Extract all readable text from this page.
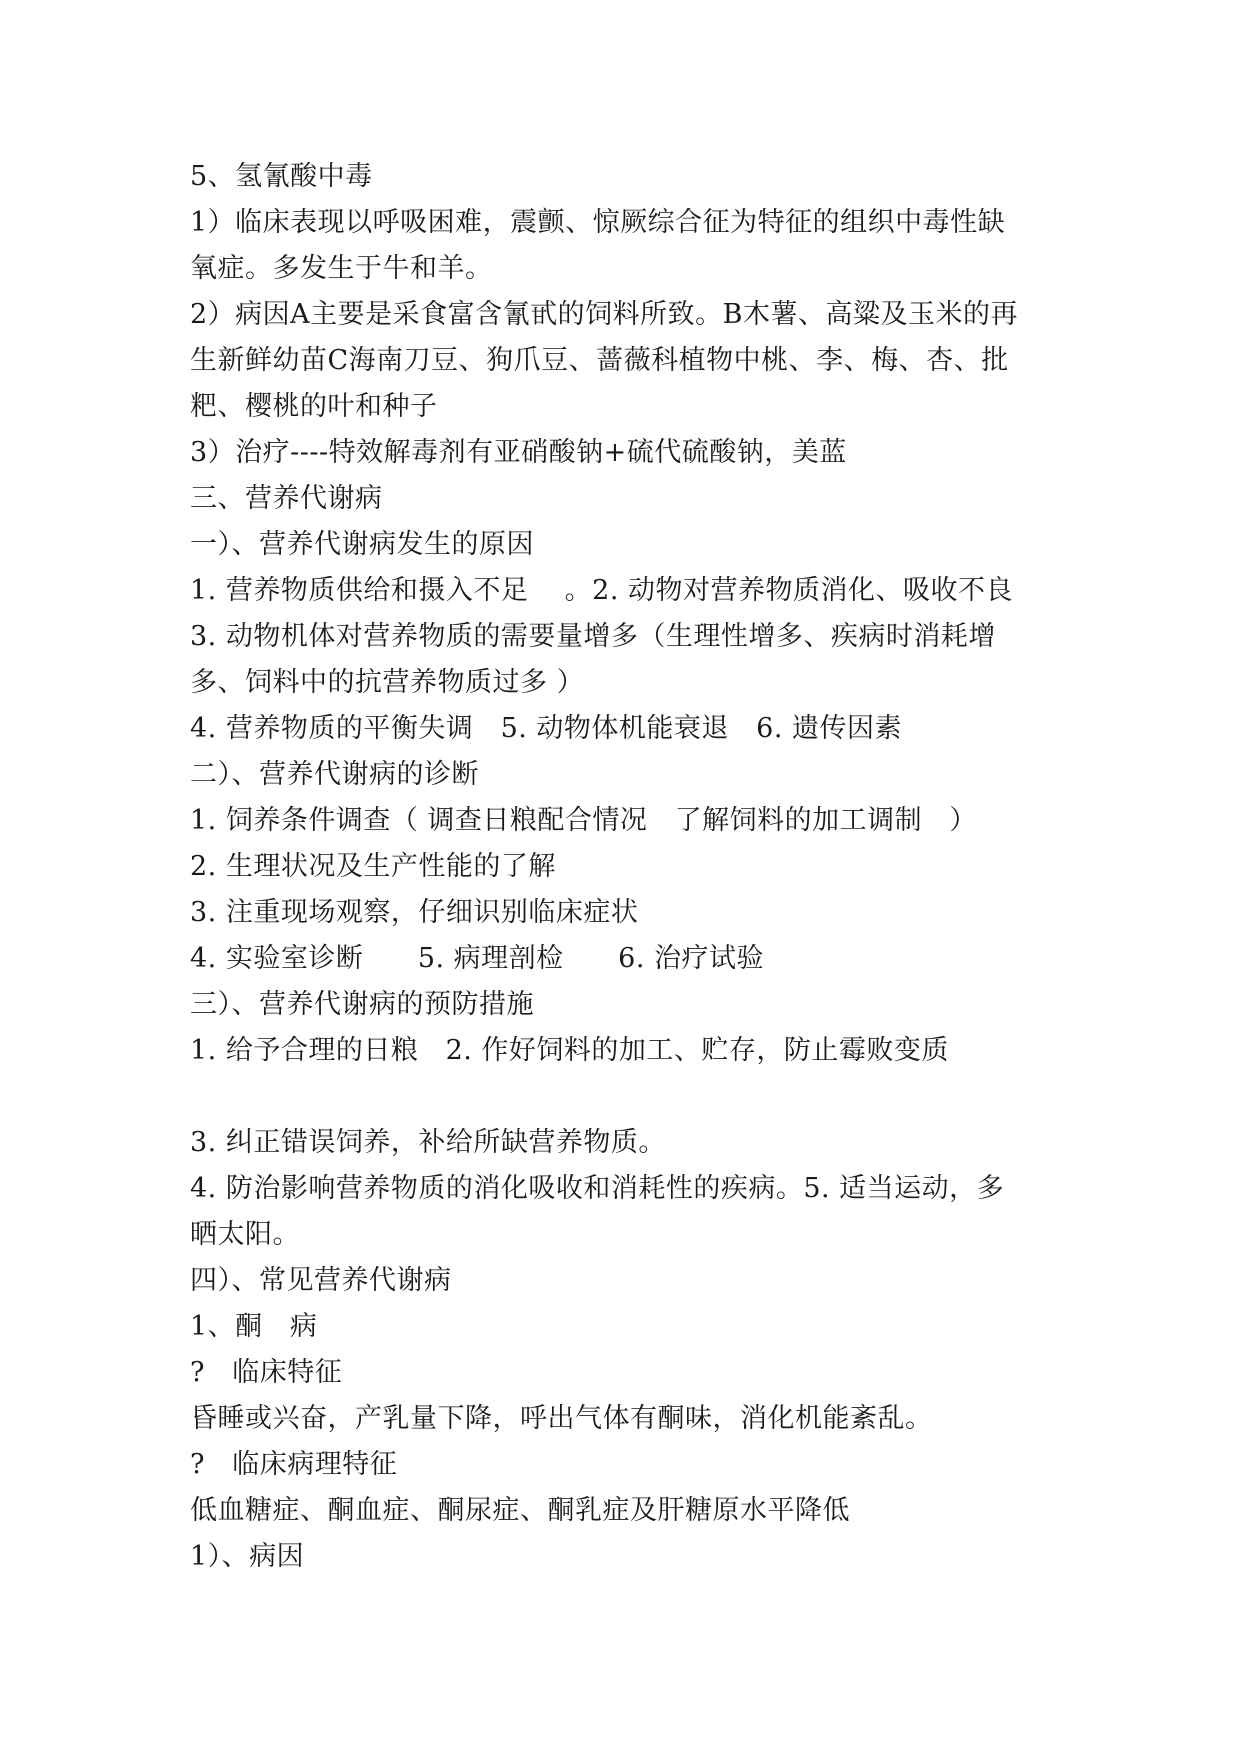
5、氢氰酸中毒
1）临床表现以呼吸困难，震颤、惊厥综合征为特征的组织中毒性缺
氧症。多发生于牛和羊。
2）病因A主要是采食富含氰甙的饲料所致。B木薯、高粱及玉米的再
生新鲜幼苗C海南刀豆、狗爪豆、蔷薇科植物中桃、李、梅、杏、批
粑、樱桃的叶和种子
3）治疗----特效解毒剂有亚硝酸钠+硫代硫酸钠，美蓝
三、营养代谢病
一）、营养代谢病发生的原因
1. 营养物质供给和摄入不足    。2. 动物对营养物质消化、吸收不良
3. 动物机体对营养物质的需要量增多（生理性增多、疾病时消耗增
多、饲料中的抗营养物质过多 ）
4. 营养物质的平衡失调   5. 动物体机能衰退   6. 遗传因素
二）、营养代谢病的诊断
1. 饲养条件调查（ 调查日粮配合情况   了解饲料的加工调制   ）
2. 生理状况及生产性能的了解
3. 注重现场观察，仔细识别临床症状
4. 实验室诊断      5. 病理剖检      6. 治疗试验
三）、营养代谢病的预防措施
1. 给予合理的日粮   2. 作好饲料的加工、贮存，防止霉败变质
3. 纠正错误饲养，补给所缺营养物质。
4. 防治影响营养物质的消化吸收和消耗性的疾病。5. 适当运动，多
晒太阳。
四）、常见营养代谢病
1、酮   病
?   临床特征
昏睡或兴奋，产乳量下降，呼出气体有酮味，消化机能紊乱。
?   临床病理特征
低血糖症、酮血症、酮尿症、酮乳症及肝糖原水平降低
1）、病因
